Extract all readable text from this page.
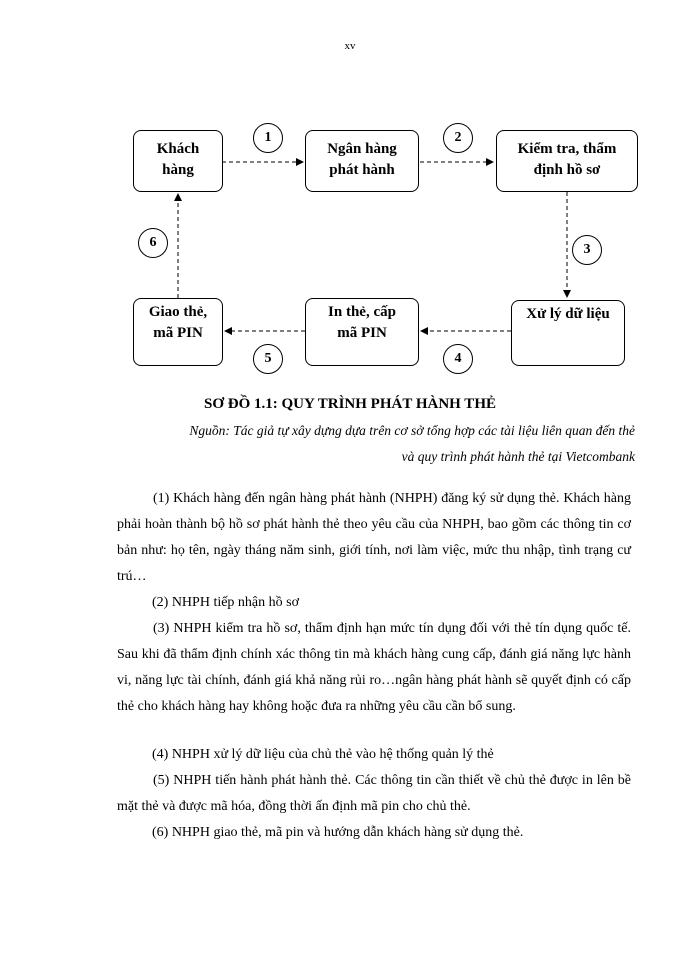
xv
Khách
hàng
Ngân hàng
phát hành
Kiểm tra, thẩm
định hồ sơ
Xử lý dữ liệu
In thẻ, cấp
mã PIN
Giao thẻ,
mã PIN
1	2
3
4
5
6
SƠ ĐỒ 1.1: QUY TRÌNH PHÁT HÀNH THẺ
Nguồn: Tác giả tự xây dựng dựa trên cơ sở tổng hợp các tài liệu liên quan đến thẻ
và quy trình phát hành thẻ tại Vietcombank
(1) Khách hàng đến ngân hàng phát hành (NHPH) đăng ký sử dụng thẻ. Khách hàng phải hoàn thành bộ hồ sơ phát hành thẻ theo yêu cầu của NHPH, bao gồm các thông tin cơ bản như: họ tên, ngày tháng năm sinh, giới tính, nơi làm việc, mức thu nhập, tình trạng cư trú…
(2) NHPH tiếp nhận hồ sơ
(3) NHPH kiểm tra hồ sơ, thẩm định hạn mức tín dụng đối với thẻ tín dụng quốc tế. Sau khi đã thẩm định chính xác thông tin mà khách hàng cung cấp, đánh giá năng lực hành vi, năng lực tài chính, đánh giá khả năng rủi ro…ngân hàng phát hành sẽ quyết định có cấp thẻ cho khách hàng hay không hoặc đưa ra những yêu cầu cần bổ sung.
(4) NHPH xử lý dữ liệu của chủ thẻ vào hệ thống quản lý thẻ
(5) NHPH tiến hành phát hành thẻ. Các thông tin cần thiết về chủ thẻ được in lên bề mặt thẻ và được mã hóa, đồng thời ấn định mã pin cho chủ thẻ.
(6) NHPH giao thẻ, mã pin và hướng dẫn khách hàng sử dụng thẻ.
